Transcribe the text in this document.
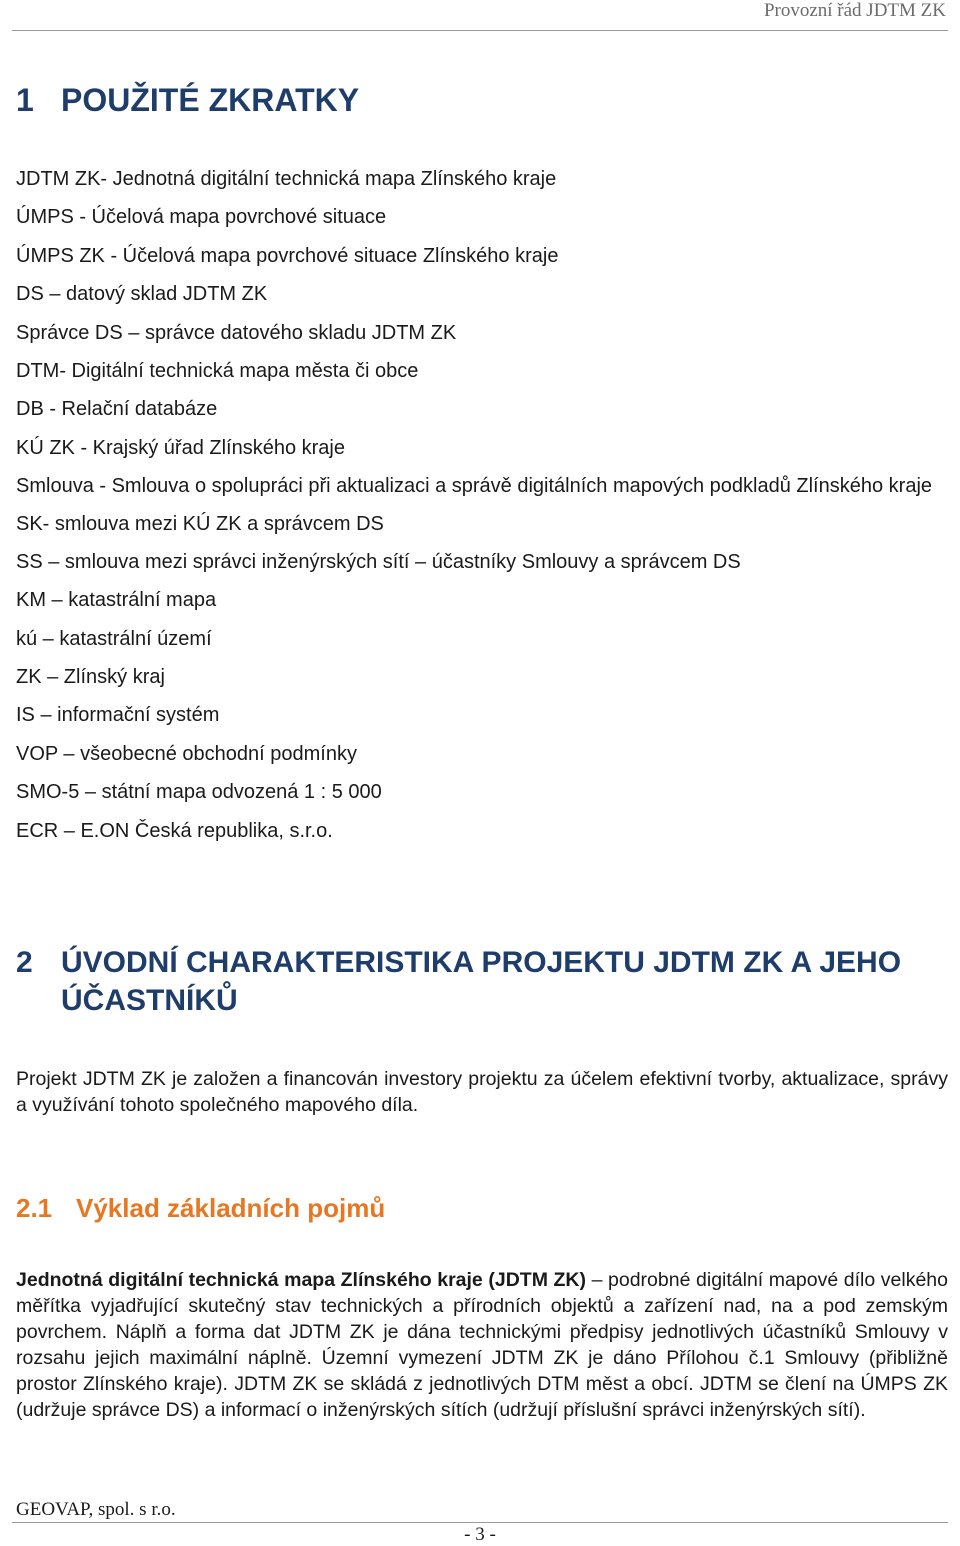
Provozní řád JDTM ZK
1 POUŽITÉ ZKRATKY
JDTM ZK- Jednotná digitální technická mapa Zlínského kraje
ÚMPS - Účelová mapa povrchové situace
ÚMPS ZK - Účelová mapa povrchové situace Zlínského kraje
DS – datový sklad JDTM ZK
Správce DS – správce datového skladu JDTM ZK
DTM- Digitální technická mapa města či obce
DB - Relační databáze
KÚ ZK - Krajský úřad Zlínského kraje
Smlouva - Smlouva o spolupráci při aktualizaci a správě digitálních mapových podkladů Zlínského kraje
SK- smlouva mezi KÚ ZK a správcem DS
SS – smlouva mezi správci inženýrských sítí – účastníky Smlouvy a správcem DS
KM – katastrální mapa
kú – katastrální území
ZK – Zlínský kraj
IS – informační systém
VOP – všeobecné obchodní podmínky
SMO-5 – státní mapa odvozená 1 : 5 000
ECR – E.ON Česká republika, s.r.o.
2 ÚVODNÍ CHARAKTERISTIKA PROJEKTU JDTM ZK A JEHO ÚČASTNÍKŮ

Projekt JDTM ZK je založen a financován investory projektu za účelem efektivní tvorby, aktualizace, správy a využívání tohoto společného mapového díla.

2.1 Výklad základních pojmů

Jednotná digitální technická mapa Zlínského kraje (JDTM ZK) – podrobné digitální mapové dílo velkého měřítka vyjadřující skutečný stav technických a přírodních objektů a zařízení nad, na a pod zemským povrchem. Náplň a forma dat JDTM ZK je dána technickými předpisy jednotlivých účastníků Smlouvy v rozsahu jejich maximální náplně. Územní vymezení JDTM ZK je dáno Přílohou č.1 Smlouvy (přibližně prostor Zlínského kraje). JDTM ZK se skládá z jednotlivých DTM měst a obcí. JDTM se člení na ÚMPS ZK (udržuje správce DS) a informací o inženýrských sítích (udržují příslušní správci inženýrských sítí).

GEOVAP, spol. s r.o.
- 3 -
